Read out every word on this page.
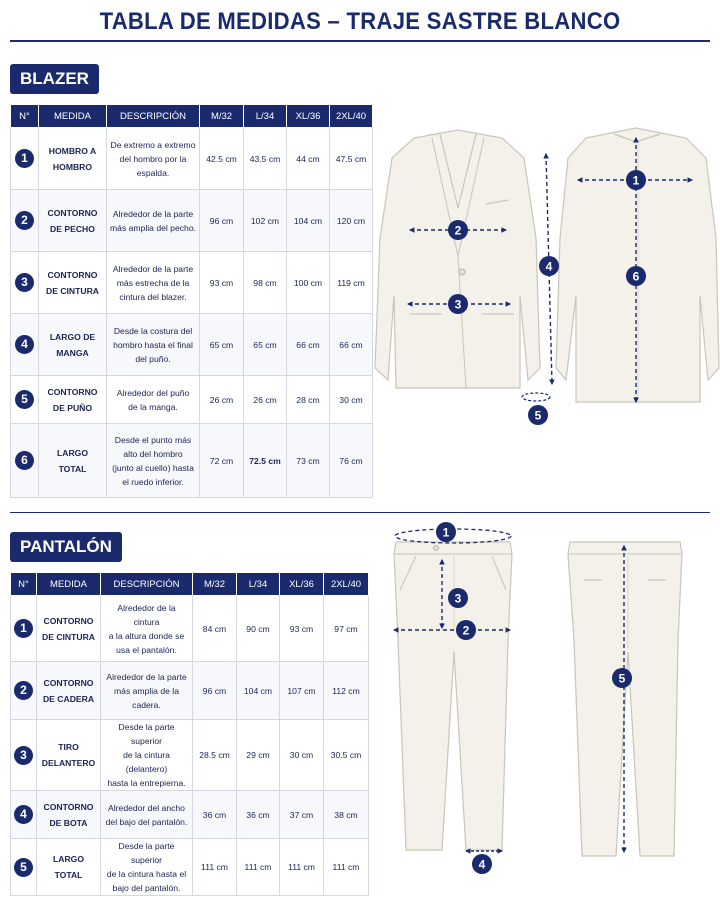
TABLA DE MEDIDAS – TRAJE SASTRE BLANCO
BLAZER
N°	MEDIDA	DESCRIPCIÓN	M/32	L/34	XL/36	2XL/40
1	HOMBRO A
HOMBRO	De extremo a extremo
del hombro por la
espalda.	42.5 cm	43.5 cm	44 cm	47.5 cm
2	CONTORNO
DE PECHO	Alrededor de la parte
más amplia del pecho.	96 cm	102 cm	104 cm	120 cm
3	CONTORNO
DE CINTURA	Alrededor de la parte
más estrecha de la
cintura del blazer.	93 cm	98 cm	100 cm	119 cm
4	LARGO DE
MANGA	Desde la costura del
hombro hasta el final
del puño.	65 cm	65 cm	66 cm	66 cm
5	CONTORNO
DE PUÑO	Alrededor del puño
de la manga.	26 cm	26 cm	28 cm	30 cm
6	LARGO TOTAL	Desde el punto más
alto del hombro
(junto al cuello) hasta
el ruedo inferior.	72 cm	72.5 cm	73 cm	76 cm
2
3
4
5
1
6
PANTALÓN
N°	MEDIDA	DESCRIPCIÓN	M/32	L/34	XL/36	2XL/40
1	CONTORNO
DE CINTURA	Alrededor de la cintura
a la altura donde se
usa el pantalón.	84 cm	90 cm	93 cm	97 cm
2	CONTORNO
DE CADERA	Alrededor de la parte
más amplia de la
cadera.	96 cm	104 cm	107 cm	112 cm
3	TIRO
DELANTERO	Desde la parte superior
de la cintura (delantero)
hasta la entrepierna.	28.5 cm	29 cm	30 cm	30.5 cm
4	CONTORNO
DE BOTA	Alrededor del ancho
del bajo del pantalón.	36 cm	36 cm	37 cm	38 cm
5	LARGO TOTAL	Desde la parte superior
de la cintura hasta el
bajo del pantalón.	111 cm	111 cm	111 cm	111 cm
1
3
2
4
5
